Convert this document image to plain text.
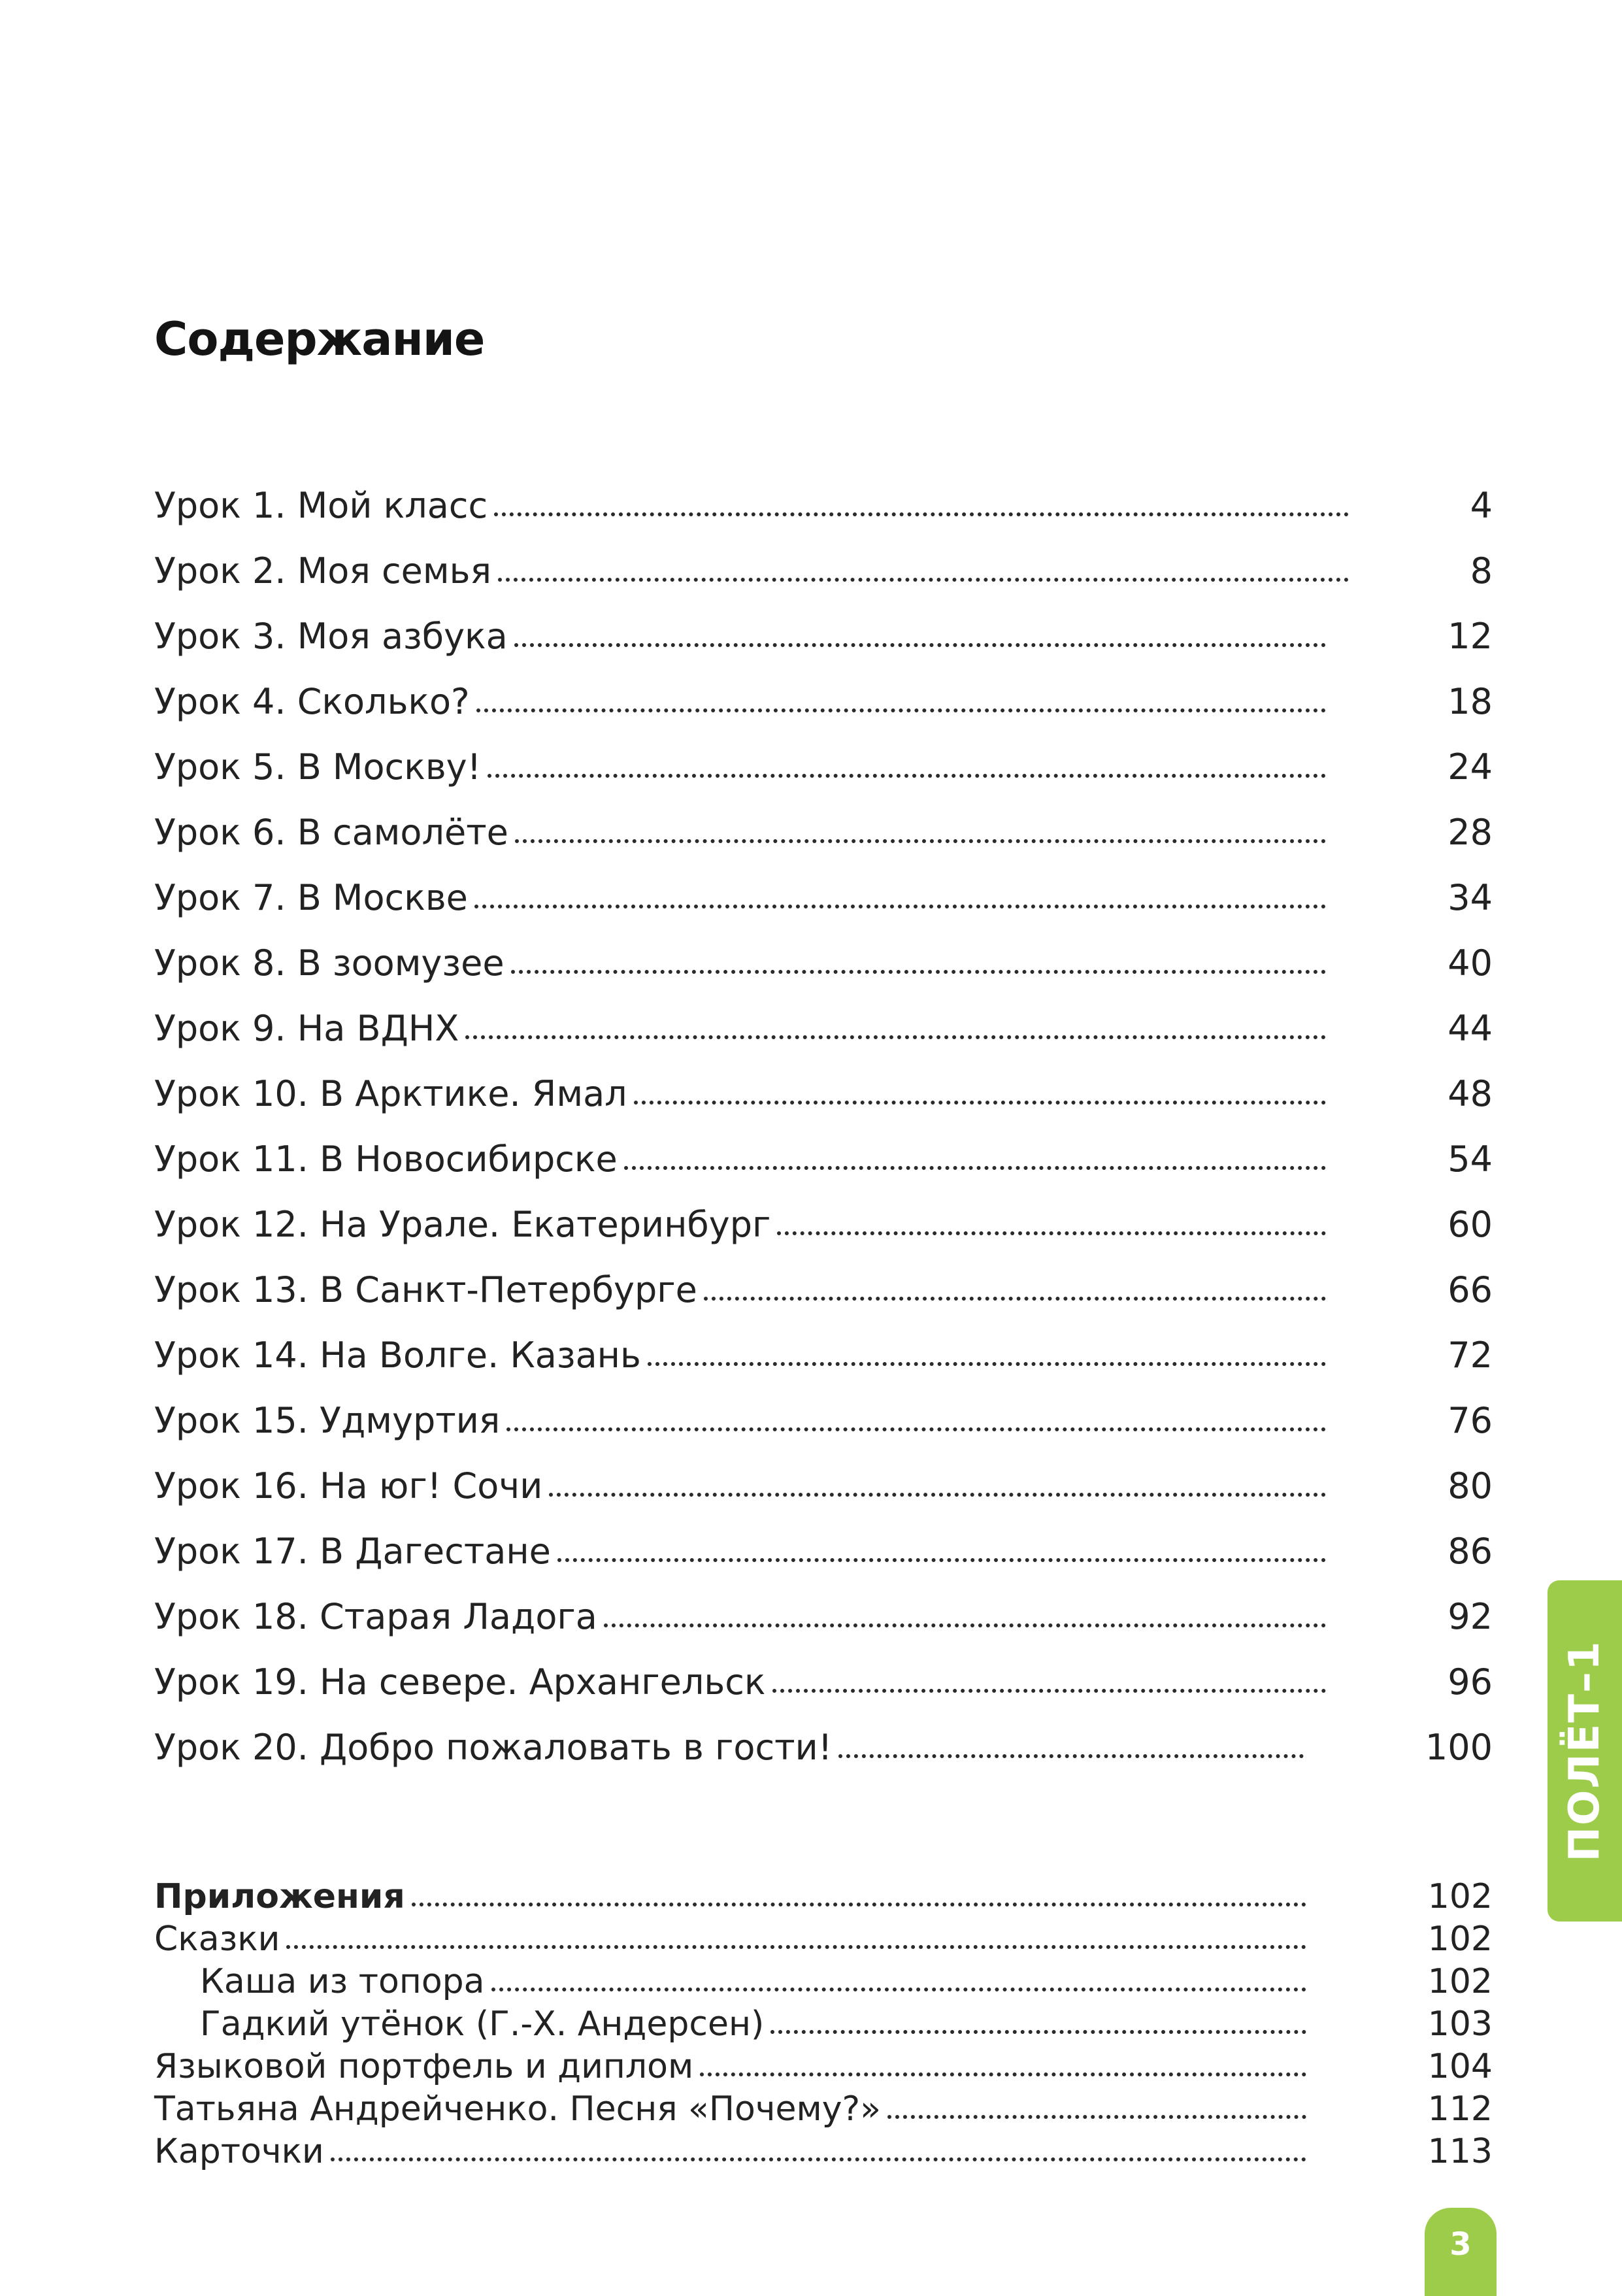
Содержание
Урок 1. Мой класс	4
Урок 2. Моя семья	8
Урок 3. Моя азбука	12
Урок 4. Сколько?	18
Урок 5. В Москву!	24
Урок 6. В самолёте	28
Урок 7. В Москве	34
Урок 8. В зоомузее	40
Урок 9. На ВДНХ	44
Урок 10. В Арктике. Ямал	48
Урок 11. В Новосибирске	54
Урок 12. На Урале. Екатеринбург	60
Урок 13. В Санкт-Петербурге	66
Урок 14. На Волге. Казань	72
Урок 15. Удмуртия	76
Урок 16. На юг! Сочи	80
Урок 17. В Дагестане	86
Урок 18. Старая Ладога	92
Урок 19. На севере. Архангельск	96
Урок 20. Добро пожаловать в гости!	100
Приложения	102
Сказки	102
Каша из топора	102
Гадкий утёнок (Г.-Х. Андерсен)	103
Языковой портфель и диплом	104
Татьяна Андрейченко. Песня «Почему?»	112
Карточки	113
ПОЛЁТ–1
3
